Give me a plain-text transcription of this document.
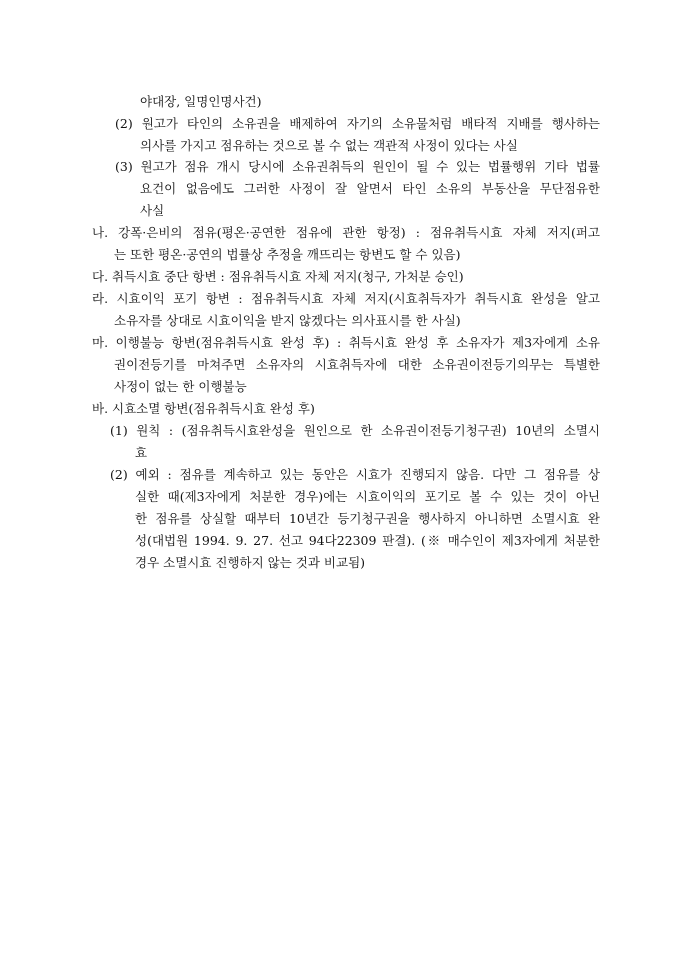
야대장, 일명인명사건)
(2) 원고가 타인의 소유권을 배제하여 자기의 소유물처럼 배타적 지배를 행사하는
의사를 가지고 점유하는 것으로 볼 수 없는 객관적 사정이 있다는 사실
(3) 원고가 점유 개시 당시에 소유권취득의 원인이 될 수 있는 법률행위 기타 법률
요건이 없음에도 그러한 사정이 잘 알면서 타인 소유의 부동산을 무단점유한
사실
나. 강폭·은비의 점유(평온·공연한 점유에 관한 항정) : 점유취득시효 자체 저지(퍼고
는 또한 평온·공연의 법률상 추정을 깨뜨리는 항변도 할 수 있음)
다. 취득시효 중단 항변 : 점유취득시효 자체 저지(청구, 가처분 승인)
라. 시효이익 포기 항변 : 점유취득시효 자체 저지(시효취득자가 취득시효 완성을 알고
소유자를 상대로 시효이익을 받지 않겠다는 의사표시를 한 사실)
마. 이행불능 항변(점유취득시효 완성 후) : 취득시효 완성 후 소유자가 제3자에게 소유
권이전등기를 마쳐주면 소유자의 시효취득자에 대한 소유권이전등기의무는 특별한
사정이 없는 한 이행불능
바. 시효소멸 항변(점유취득시효 완성 후)
(1) 원칙 : (점유취득시효완성을 원인으로 한 소유권이전등기청구권) 10년의 소멸시
효
(2) 예외 : 점유를 계속하고 있는 동안은 시효가 진행되지 않음. 다만 그 점유를 상
실한 때(제3자에게 처분한 경우)에는 시효이익의 포기로 볼 수 있는 것이 아닌
한 점유를 상실할 때부터 10년간 등기청구권을 행사하지 아니하면 소멸시효 완
성(대법원 1994. 9. 27. 선고 94다22309 판결). (※ 매수인이 제3자에게 처분한
경우 소멸시효 진행하지 않는 것과 비교됨)
